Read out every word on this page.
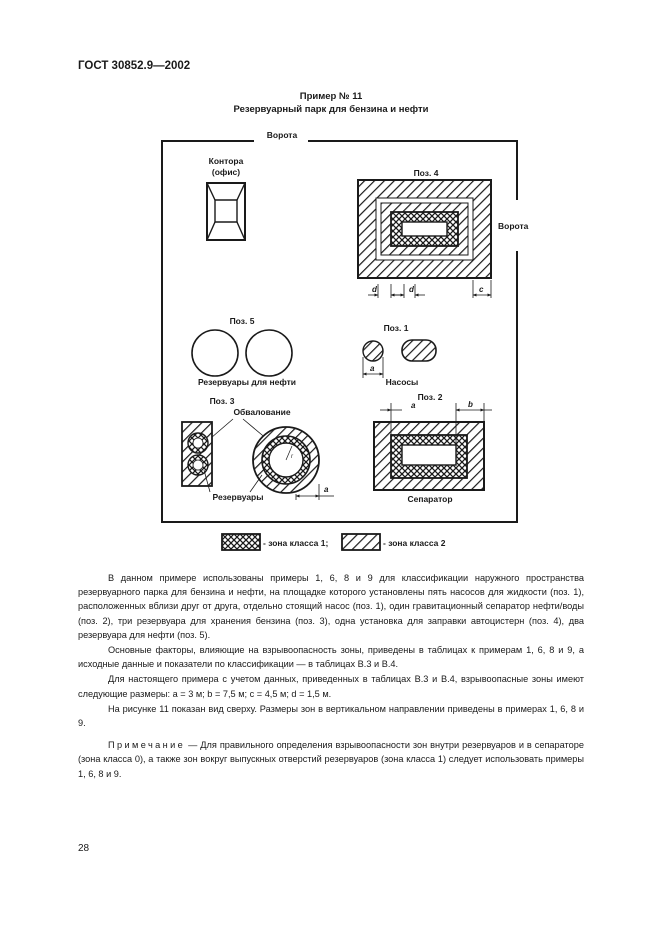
ГОСТ 30852.9—2002
Пример № 11
Резервуарный парк для бензина и нефти
Ворота
Ворота
Контора
(офис)	Поз. 4
d	d	c
Поз. 5
Резервуары для нефти
Поз. 1
a
Насосы
Поз. 2
a	b
Сепаратор
Поз. 3
Обвалование
r
a
Резервуары
- зона класса 1;	- зона класса 2

В данном примере использованы примеры 1, 6, 8 и 9 для классификации наружного пространства резервуарного парка для бензина и нефти, на площадке которого установлены пять насосов для жидкости (поз. 1), расположенных вблизи друг от друга, отдельно стоящий насос (поз. 1), один гравитационный сепаратор нефти/воды (поз. 2), три резервуара для хранения бензина (поз. 3), одна установка для заправки автоцистерн (поз. 4), два резервуара для нефти (поз. 5).

Основные факторы, влияющие на взрывоопасность зоны, приведены в таблицах к примерам 1, 6, 8 и 9, а исходные данные и показатели по классификации — в таблицах В.3 и В.4.

Для настоящего примера с учетом данных, приведенных в таблицах В.3 и В.4, взрывоопасные зоны имеют следующие размеры: a = 3 м; b = 7,5 м; c = 4,5 м; d = 1,5 м.

На рисунке 11 показан вид сверху. Размеры зон в вертикальном направлении приведены в примерах 1, 6, 8 и 9.

Примечание — Для правильного определения взрывоопасности зон внутри резервуаров и в сепараторе (зона класса 0), а также зон вокруг выпускных отверстий резервуаров (зона класса 1) следует использовать примеры 1, 6, 8 и 9.

28
